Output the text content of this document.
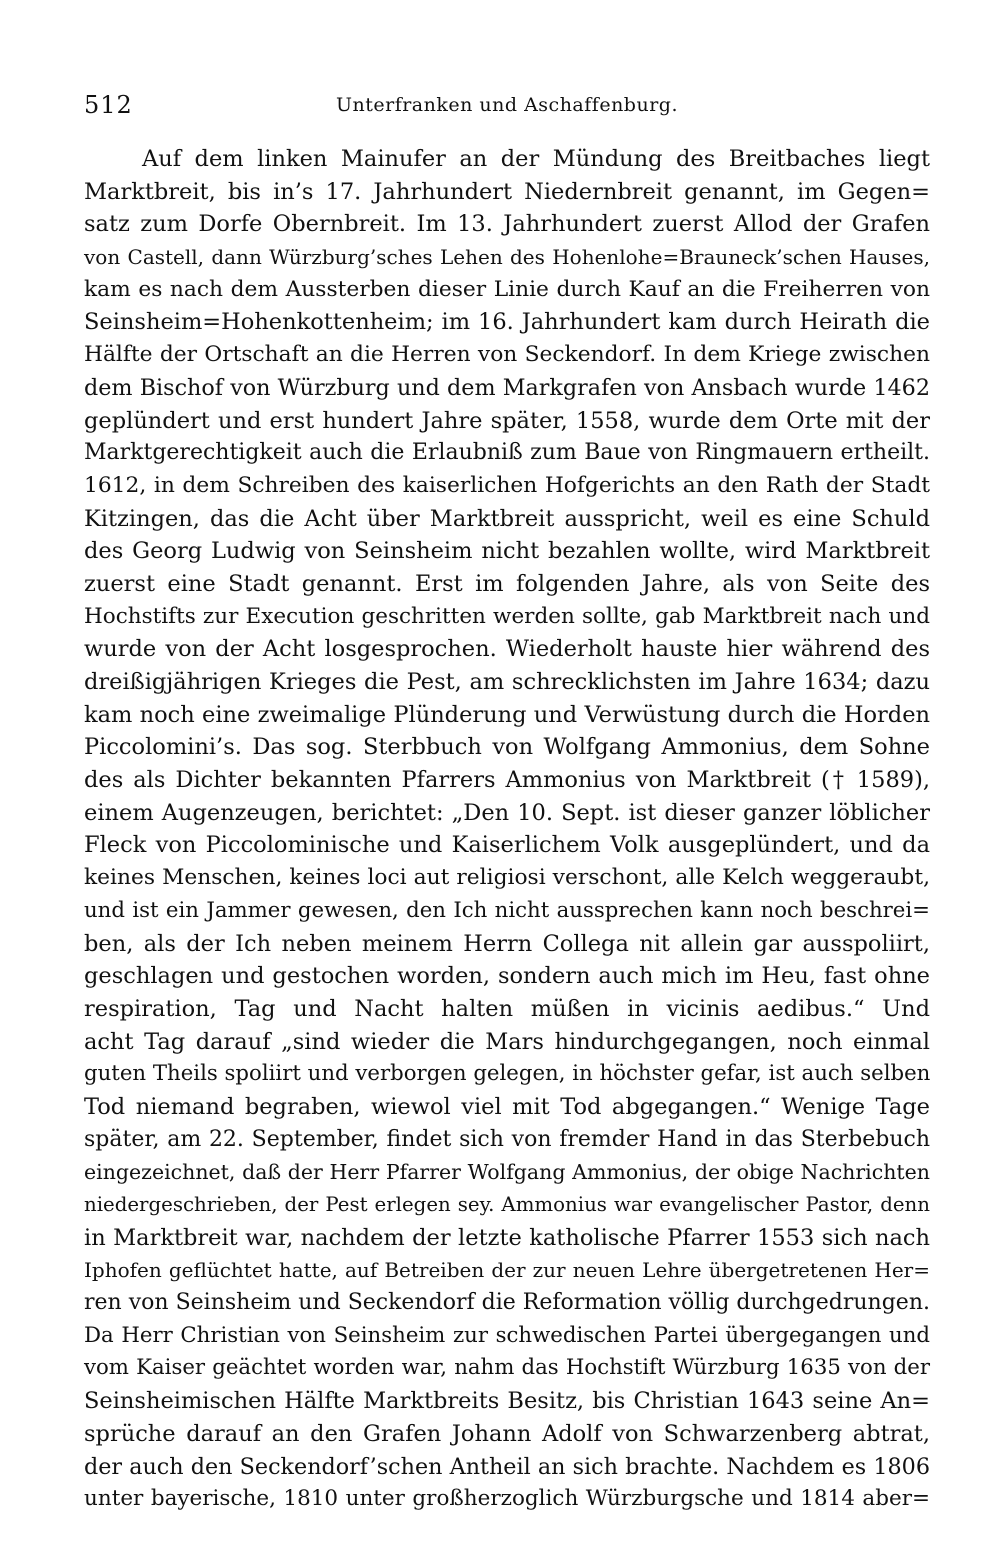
512	Unterfranken und Aschaffenburg.
Auf dem linken Mainufer an der Mündung des Breitbaches liegt
Marktbreit, bis in’s 17. Jahrhundert Niedernbreit genannt, im Gegen=
satz zum Dorfe Obernbreit. Im 13. Jahrhundert zuerst Allod der Grafen
von Castell, dann Würzburg’sches Lehen des Hohenlohe=Brauneck’schen Hauses,
kam es nach dem Aussterben dieser Linie durch Kauf an die Freiherren von
Seinsheim=Hohenkottenheim; im 16. Jahrhundert kam durch Heirath die
Hälfte der Ortschaft an die Herren von Seckendorf. In dem Kriege zwischen
dem Bischof von Würzburg und dem Markgrafen von Ansbach wurde 1462
geplündert und erst hundert Jahre später, 1558, wurde dem Orte mit der
Marktgerechtigkeit auch die Erlaubniß zum Baue von Ringmauern ertheilt.
1612, in dem Schreiben des kaiserlichen Hofgerichts an den Rath der Stadt
Kitzingen, das die Acht über Marktbreit ausspricht, weil es eine Schuld
des Georg Ludwig von Seinsheim nicht bezahlen wollte, wird Marktbreit
zuerst eine Stadt genannt. Erst im folgenden Jahre, als von Seite des
Hochstifts zur Execution geschritten werden sollte, gab Marktbreit nach und
wurde von der Acht losgesprochen. Wiederholt hauste hier während des
dreißigjährigen Krieges die Pest, am schrecklichsten im Jahre 1634; dazu
kam noch eine zweimalige Plünderung und Verwüstung durch die Horden
Piccolomini’s. Das sog. Sterbbuch von Wolfgang Ammonius, dem Sohne
des als Dichter bekannten Pfarrers Ammonius von Marktbreit († 1589),
einem Augenzeugen, berichtet: „Den 10. Sept. ist dieser ganzer löblicher
Fleck von Piccolominische und Kaiserlichem Volk ausgeplündert, und da
keines Menschen, keines loci aut religiosi verschont, alle Kelch weggeraubt,
und ist ein Jammer gewesen, den Ich nicht aussprechen kann noch beschrei=
ben, als der Ich neben meinem Herrn Collega nit allein gar ausspoliirt,
geschlagen und gestochen worden, sondern auch mich im Heu, fast ohne
respiration, Tag und Nacht halten müßen in vicinis aedibus.“ Und
acht Tag darauf „sind wieder die Mars hindurchgegangen, noch einmal
guten Theils spoliirt und verborgen gelegen, in höchster gefar, ist auch selben
Tod niemand begraben, wiewol viel mit Tod abgegangen.“ Wenige Tage
später, am 22. September, findet sich von fremder Hand in das Sterbebuch
eingezeichnet, daß der Herr Pfarrer Wolfgang Ammonius, der obige Nachrichten
niedergeschrieben, der Pest erlegen sey. Ammonius war evangelischer Pastor, denn
in Marktbreit war, nachdem der letzte katholische Pfarrer 1553 sich nach
Iphofen geflüchtet hatte, auf Betreiben der zur neuen Lehre übergetretenen Her=
ren von Seinsheim und Seckendorf die Reformation völlig durchgedrungen.
Da Herr Christian von Seinsheim zur schwedischen Partei übergegangen und
vom Kaiser geächtet worden war, nahm das Hochstift Würzburg 1635 von der
Seinsheimischen Hälfte Marktbreits Besitz, bis Christian 1643 seine An=
sprüche darauf an den Grafen Johann Adolf von Schwarzenberg abtrat,
der auch den Seckendorf’schen Antheil an sich brachte. Nachdem es 1806
unter bayerische, 1810 unter großherzoglich Würzburgsche und 1814 aber=
